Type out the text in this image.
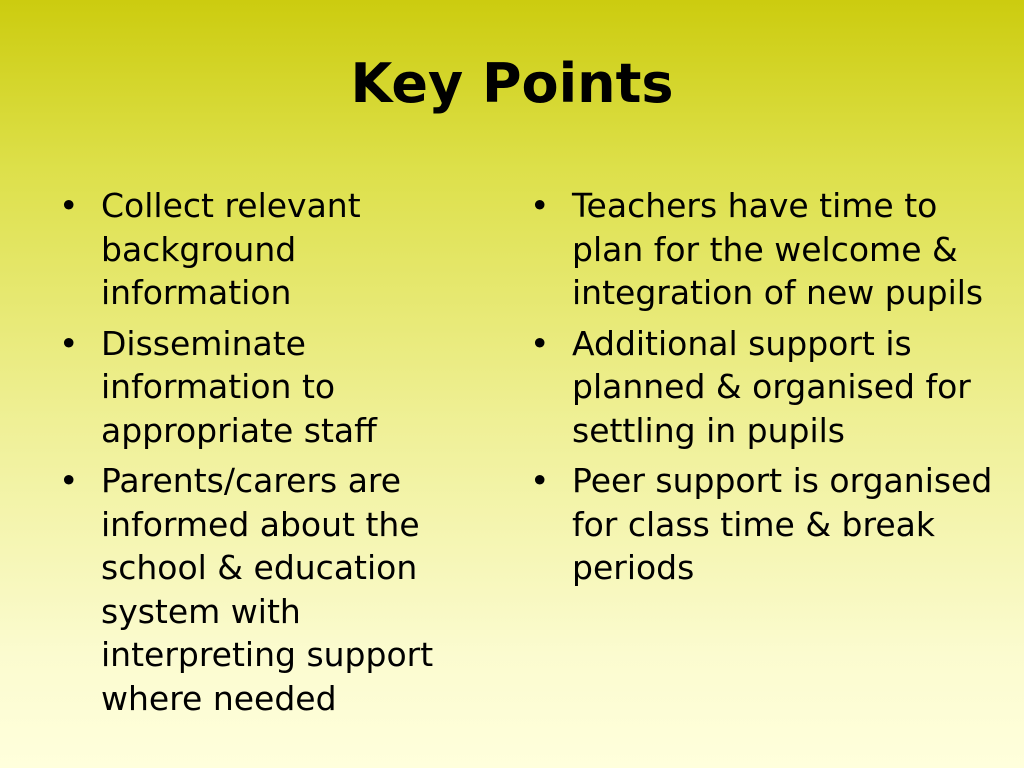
Key Points
• Collect relevant background information
• Disseminate information to appropriate staff
• Parents/carers are informed about the school & education system with interpreting support where needed
• Teachers have time to plan for the welcome & integration of new pupils
• Additional support is planned & organised for settling in pupils
• Peer support is organised for class time & break periods
